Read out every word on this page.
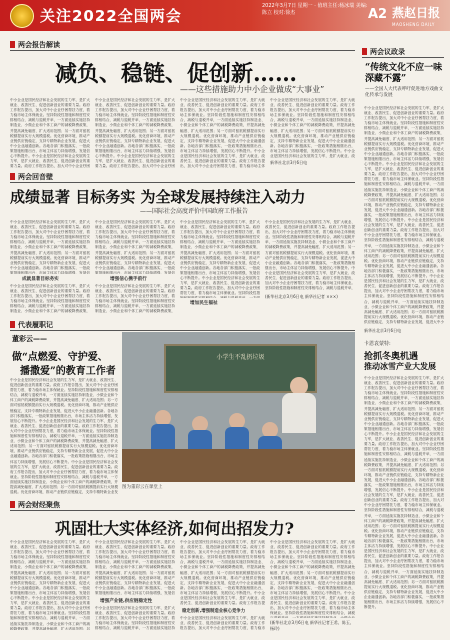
关注2022全国两会
2022年3月7日 星期一 · 值班主任:杨冰瑞 美编:陈立 校对:徐杰	A2 燕赵日报
MAOSHENG DAILY
两会报告解读
减负、稳链、促创新……
——这些措施助力中小企业做成“大事业”
中小企业是国民经济和社会发展的生力军，是扩大就业、改善民生、促进创新创业的重要力量。政府工作报告提出，加大对中小企业纾困帮扶力度，着力稳市场主体保就业。坚持阶段性措施和制度性安排相结合，减税与退税并举，一方面延续实施扶持制造业、小微企业和个体工商户的减税降费政策，并提高减免幅度、扩大适用范围；另一方面对留抵税额提前实行大规模退税。优化营商环境，推动产业链供应链稳定，支持专精特新企业发展，促进大中小企业融通创新。各地各部门积极落实，一批政策措施相继出台，市场主体活力持续增强，发展信心不断提升。中小企业是国民经济和社会发展的生力军，是扩大就业、改善民生、促进创新创业的重要力量。政府工作报告提出，加大对中小企业纾困
中小企业是国民经济和社会发展的生力军，是扩大就业、改善民生、促进创新创业的重要力量。政府工作报告提出，加大对中小企业纾困帮扶力度，着力稳市场主体保就业。坚持阶段性措施和制度性安排相结合，减税与退税并举，一方面延续实施扶持制造业、小微企业和个体工商户的减税降费政策，并提高减免幅度、扩大适用范围；另一方面对留抵税额提前实行大规模退税。优化营商环境，推动产业链供应链稳定，支持专精特新企业发展，促进大中小企业融通创新。各地各部门积极落实，一批政策措施相继出台，市场主体活力持续增强，发展信心不断提升。中小企业是国民经济和社会发展的生力军，是扩大就业、改善民生、促进创新创业的重要力量。政府工作报告提出，加大对中小企业纾困
中小企业是国民经济和社会发展的生力军，是扩大就业、改善民生、促进创新创业的重要力量。政府工作报告提出，加大对中小企业纾困帮扶力度，着力稳市场主体保就业。坚持阶段性措施和制度性安排相结合，减税与退税并举，一方面延续实施扶持制造业、小微企业和个体工商户的减税降费政策，并提高减免幅度、扩大适用范围；另一方面对留抵税额提前实行大规模退税。优化营商环境，推动产业链供应链稳定，支持专精特新企业发展，促进大中小企业融通创新。各地各部门积极落实，一批政策措施相继出台，市场主体活力持续增强，发展信心不断提升。中小企业是国民经济和社会发展的生力军，是扩大就业、改善民生、促进创新创业的重要力量。政府工作报告提出，加大对中小企业纾困帮扶力度，着力稳市场主体
中小企业是国民经济和社会发展的生力军，是扩大就业、改善民生、促进创新创业的重要力量。政府工作报告提出，加大对中小企业纾困帮扶力度，着力稳市场主体保就业。坚持阶段性措施和制度性安排相结合，减税与退税并举，一方面延续实施扶持制造业、小微企业和个体工商户的减税降费政策，并提高减免幅度、扩大适用范围；另一方面对留抵税额提前实行大规模退税。优化营商环境，推动产业链供应链稳定，支持专精特新企业发展，促进大中小企业融通创新。各地各部门积极落实，一批政策措施相继出台，市场主体活力持续增强，发展信心不断提升。中小企业是国民经济和社会发展的生力军，是扩大就业、改
新华社北京3月6日电
两会议政录
“传统文化不应一味深藏不露”
——全国人大代表呼吁促进地方戏曲文化传承与发展
中小企业是国民经济和社会发展的生力军，是扩大就业、改善民生、促进创新创业的重要力量。政府工作报告提出，加大对中小企业纾困帮扶力度，着力稳市场主体保就业。坚持阶段性措施和制度性安排相结合，减税与退税并举，一方面延续实施扶持制造业、小微企业和个体工商户的减税降费政策，并提高减免幅度、扩大适用范围；另一方面对留抵税额提前实行大规模退税。优化营商环境，推动产业链供应链稳定，支持专精特新企业发展，促进大中小企业融通创新。各地各部门积极落实，一批政策措施相继出台，市场主体活力持续增强，发展信心不断提升。中小企业是国民经济和社会发展的生力军，是扩大就业、改善民生、促进创新创业的重要力量。政府工作报告提出，加大对中小企业纾困帮扶力度，着力稳市场主体保就业。坚持阶段性措施和制度性安排相结合，减税与退税并举，一方面延续实施扶持制造业、小微企业和个体工商户的减税降费政策，并提高减免幅度、扩大适用范围；另一方面对留抵税额提前实行大规模退税。优化营商环境，推动产业链供应链稳定，支持专精特新企业发展，促进大中小企业融通创新。各地各部门积极落实，一批政策措施相继出台，市场主体活力持续增强，发展信心不断提升。中小企业是国民经济和社会发展的生力军，是扩大就业、改善民生、促进创新创业的重要力量。政府工作报告提出，加大对中小企业纾困帮扶力度，着力稳市场主体保就业。坚持阶段性措施和制度性安排相结合，减税与退税并举，一方面延续实施扶持制造业、小微企业和个体工商户的减税降费政策，并提高减免幅度、扩大适用范围；另一方面对留抵税额提前实行大规模退税。优化营商环境，推动产业链供应链稳定，支持专精特新企业发展，促进大中小企业融通创新。各地各部门积极落实，一批政策措施相继出台，市场主体活力持续增强，发展信心不断提升。中小企业是国民经济和社会发展的生力军，是扩大就业、改善民生、促进创新创业的重要力量。政府工作报告提出，加大对中小企业纾困帮扶力度，着力稳市场主体保就业。坚持阶段性措施和制度性安排相结合，减税与退税并举，一方面延续实施扶持制造业、小微企业和个体工商户的减税降费政策，并提高减免幅度、扩大适用范围；另一方面对留抵税额提前实行大规模退税。优化营商环境，推动产业链供应链稳定，支持专精特新企业发展，促进大中小
新华社北京3月6日电
两会回音壁
成绩显著 目标务实 为全球发展持续注入动力
——国际社会高度评价中国政府工作报告
中小企业是国民经济和社会发展的生力军，是扩大就业、改善民生、促进创新创业的重要力量。政府工作报告提出，加大对中小企业纾困帮扶力度，着力稳市场主体保就业。坚持阶段性措施和制度性安排相结合，减税与退税并举，一方面延续实施扶持制造业、小微企业和个体工商户的减税降费政策，并提高减免幅度、扩大适用范围；另一方面对留抵税额提前实行大规模退税。优化营商环境，推动产业链供应链稳定，支持专精特新企业发展，促进大中小企业融通创新。各地各部门积极落实，一批政策措施相继出台，市场主体活力持续增强，发展信
成就显著目标务实
中小企业是国民经济和社会发展的生力军，是扩大就业、改善民生、促进创新创业的重要力量。政府工作报告提出，加大对中小企业纾困帮扶力度，着力稳市场主体保就业。坚持阶段性措施和制度性安排相结合，减税与退税并举，一方面延续实施扶持制造业、小微企业和个体工商户的减税降费政策，
中小企业是国民经济和社会发展的生力军，是扩大就业、改善民生、促进创新创业的重要力量。政府工作报告提出，加大对中小企业纾困帮扶力度，着力稳市场主体保就业。坚持阶段性措施和制度性安排相结合，减税与退税并举，一方面延续实施扶持制造业、小微企业和个体工商户的减税降费政策，并提高减免幅度、扩大适用范围；另一方面对留抵税额提前实行大规模退税。优化营商环境，推动产业链供应链稳定，支持专精特新企业发展，促进大中小企业融通创新。各地各部门积极落实，一批政策措施相继出台，市场主体活力持续增强，发展信
增强信心携手前行
中小企业是国民经济和社会发展的生力军，是扩大就业、改善民生、促进创新创业的重要力量。政府工作报告提出，加大对中小企业纾困帮扶力度，着力稳市场主体保就业。坚持阶段性措施和制度性安排相结合，减税与退税并举，一方面延续实施扶持制造业、小微企业和个体工商户的减税降费政策，
中小企业是国民经济和社会发展的生力军，是扩大就业、改善民生、促进创新创业的重要力量。政府工作报告提出，加大对中小企业纾困帮扶力度，着力稳市场主体保就业。坚持阶段性措施和制度性安排相结合，减税与退税并举，一方面延续实施扶持制造业、小微企业和个体工商户的减税降费政策，并提高减免幅度、扩大适用范围；另一方面对留抵税额提前实行大规模退税。优化营商环境，推动产业链供应链稳定，支持专精特新企业发展，促进大中小企业融通创新。各地各部门积极落实，一批政策措施相继出台，市场主体活力持续增强，发展信心不断提升。中小企业是国民经济和社会发展的生力军，是扩大就业、改善民生、促进创新创业的重要力量。政府工作报告提出，加大对中小企业纾困帮扶力度，着力稳市场主体保就业。坚持阶段性措
增加民生福祉
中小企业是国民经济和社会发展的生力军，是扩大就业、改善民生、促进创新创业的重要力量。政府工作报告提出，加大对中小企业纾困帮扶力度，着力稳市场主体保就业。坚持阶段性措施和制度性安排相结合，减税与退税并举，一方面延续实施扶持制造业、小微企业和个体工商户的减税降费政策，并提高减免幅度、扩大适用范围；另一方面对留抵税额提前实行大规模退税。优化营商环境，推动产业链供应链稳定，支持专精特新企业发展，促进大中小企业融通创新。各地各部门积极落实，一批政策措施相继出台，市场主体活力持续增强，发展信心不断提升。中小企业是国民经济和社会发展的生力军，是扩大就业、改善民生、促进创新创业的重要力量。政府工作报告提出，加大对中小企业纾困帮扶力度，着力稳市场主体保就业。坚持阶段性措施和制度性安排相结合，减税与退税并举，
(新华社北京3月6日电 新华社记者 ×××)
代表履职记
董彩云——
做“点燃爱、守护爱、
播撒爱”的教育工作者
中小企业是国民经济和社会发展的生力军，是扩大就业、改善民生、促进创新创业的重要力量。政府工作报告提出，加大对中小企业纾困帮扶力度，着力稳市场主体保就业。坚持阶段性措施和制度性安排相结合，减税与退税并举，一方面延续实施扶持制造业、小微企业和个体工商户的减税降费政策，并提高减免幅度、扩大适用范围；另一方面对留抵税额提前实行大规模退税。优化营商环境，推动产业链供应链稳定，支持专精特新企业发展，促进大中小企业融通创新。各地各部门积极落实，一批政策措施相继出台，市场主体活力持续增强，发展信心不断提升。中小企业是国民经济和社会发展的生力军，是扩大就业、改善民生、促进创新创业的重要力量。政府工作报告提出，加大对中小企业纾困帮扶力度，着力稳市场主体保就业。坚持阶段性措施和制度性安排相结合，减税与退税并举，一方面延续实施扶持制造业、小微企业和个体工商户的减税降费政策，并提高减免幅度、扩大适用范围；另一方面对留抵税额提前实行大规模退税。优化营商环境，推动产业链供应链稳定，支持专精特新企业发展，促进大中小企业融通创新。各地各部门积极落实，一批政策措施相继出台，市场主体活力持续增强，发展信心不断提升。中小企业是国民经济和社会发展的生力军，是扩大就业、改善民生、促进创新创业的重要力量。政府工作报告提出，加大对中小企业纾困帮扶力度，着力稳市场主体保就业。坚持阶段性措施和制度性安排相结合，减税与退税并举，一方面延续实施扶持制造业、小微企业和个体工商户的减税降费政策，并提高减免幅度、扩大适用范围；另一方面对留抵税额提前实行大规模退税。优化营商环境，推动产业链供应链稳定，支持专精特新企业发
小学生不乱扔垃圾
图为董彩云在课堂上
卡恩袁蒙特:
抢抓冬奥机遇
推动冰雪产业大发展
中小企业是国民经济和社会发展的生力军，是扩大就业、改善民生、促进创新创业的重要力量。政府工作报告提出，加大对中小企业纾困帮扶力度，着力稳市场主体保就业。坚持阶段性措施和制度性安排相结合，减税与退税并举，一方面延续实施扶持制造业、小微企业和个体工商户的减税降费政策，并提高减免幅度、扩大适用范围；另一方面对留抵税额提前实行大规模退税。优化营商环境，推动产业链供应链稳定，支持专精特新企业发展，促进大中小企业融通创新。各地各部门积极落实，一批政策措施相继出台，市场主体活力持续增强，发展信心不断提升。中小企业是国民经济和社会发展的生力军，是扩大就业、改善民生、促进创新创业的重要力量。政府工作报告提出，加大对中小企业纾困帮扶力度，着力稳市场主体保就业。坚持阶段性措施和制度性安排相结合，减税与退税并举，一方面延续实施扶持制造业、小微企业和个体工商户的减税降费政策，并提高减免幅度、扩大适用范围；另一方面对留抵税额提前实行大规模退税。优化营商环境，推动产业链供应链稳定，支持专精特新企业发展，促进大中小企业融通创新。各地各部门积极落实，一批政策措施相继出台，市场主体活力持续增强，发展信心不断提升。中小企业是国民经济和社会发展的生力军，是扩大就业、改善民生、促进创新创业的重要力量。政府工作报告提出，加大对中小企业纾困帮扶力度，着力稳市场主体保就业。坚持阶段性措施和制度性安排相结合，减税与退税并举，一方面延续实施扶持制造业、小微企业和个体工商户的减税降费政策，并提高减免幅度、扩大适用范围；另一方面对留抵税额提前实行大规模退税。优化营商环境，推动产业链供应链稳定，支持专精特新企业发展，促进大中小企业融通创新。各地各部门积极落实，一批政策措施相继出台，市场主体活力持续增强，发展信心不断提升。中小企业是国民经济和社会发展的生力军，是扩大就业、改善民生、促进创新创业的重要力量。政府工作报告提出，加大对中小企业纾困帮扶力度，着力稳市场主体保就业。坚持阶段性措施和制度性安排相结合，减税与退税并举，一方面延续实施扶持制造业、小微企业和个体工商户的减税降费政策，并提高减免幅度、扩大适用范围；另一方面对留抵税额提前实行大规模退税。优化营商环境，推动产业链供应链稳定，支持专精特新企业发展，促进大中小企业融通创新。各地各部门积极落实，一批政策措施相继出台，市场主体活力持续增强，发展信心不断提升。
两会财经聚焦
巩固壮大实体经济,如何出招发力?
中小企业是国民经济和社会发展的生力军，是扩大就业、改善民生、促进创新创业的重要力量。政府工作报告提出，加大对中小企业纾困帮扶力度，着力稳市场主体保就业。坚持阶段性措施和制度性安排相结合，减税与退税并举，一方面延续实施扶持制造业、小微企业和个体工商户的减税降费政策，并提高减免幅度、扩大适用范围；另一方面对留抵税额提前实行大规模退税。优化营商环境，推动产业链供应链稳定，支持专精特新企业发展，促进大中小企业融通创新。各地各部门积极落实，一批政策措施相继出台，市场主体活力持续增强，发展信心不断提升。中小企业是国民经济和社会发展的生力军，是扩大就业、改善民生、促进创新创业的重要力量。政府工作报告提出，加大对中小企业纾困帮扶力度，着力稳市场主体保就业。坚持阶段性措施和制度性安排相结合，减税与退税并举，一方面延续实施扶持制造业、小微企业和个体工商户的减税降费政策，并提高减免幅度、扩大适用范围；另
中小企业是国民经济和社会发展的生力军，是扩大就业、改善民生、促进创新创业的重要力量。政府工作报告提出，加大对中小企业纾困帮扶力度，着力稳市场主体保就业。坚持阶段性措施和制度性安排相结合，减税与退税并举，一方面延续实施扶持制造业、小微企业和个体工商户的减税降费政策，并提高减免幅度、扩大适用范围；另一方面对留抵税额提前实行大规模退税。优化营商环境，推动产业链供应链稳定，支持专精特新企业发展，促进大中小企业融通创新。各地各部门积极落实，一批政策措施相继出台，市场主体活力持续增强，发展信
增强产业链,供应链稳定性
中小企业是国民经济和社会发展的生力军，是扩大就业、改善民生、促进创新创业的重要力量。政府工作报告提出，加大对中小企业纾困帮扶力度，着力稳市场主体保就业。坚持阶段性措施和制度性安排相结合，减税与退税并举，一方面延续实施扶持
中小企业是国民经济和社会发展的生力军，是扩大就业、改善民生、促进创新创业的重要力量。政府工作报告提出，加大对中小企业纾困帮扶力度，着力稳市场主体保就业。坚持阶段性措施和制度性安排相结合，减税与退税并举，一方面延续实施扶持制造业、小微企业和个体工商户的减税降费政策，并提高减免幅度、扩大适用范围；另一方面对留抵税额提前实行大规模退税。优化营商环境，推动产业链供应链稳定，支持专精特新企业发展，促进大中小企业融通创新。各地各部门积极落实，一批政策措施相继出台，市场主体活力持续增强，发展信心不断提升。中小企业是国民经济和社会发展的生力军，是扩大就业、改善民生、促进创新创业的重要力量。政府工作报告提
稳定创新,增强制造业核心竞争力
中小企业是国民经济和社会发展的生力军，是扩大就业、改善民生、促进创新创业的重要力量。政府工作报告提出，加大对中小企业纾困帮扶力度，着力稳市
中小企业是国民经济和社会发展的生力军，是扩大就业、改善民生、促进创新创业的重要力量。政府工作报告提出，加大对中小企业纾困帮扶力度，着力稳市场主体保就业。坚持阶段性措施和制度性安排相结合，减税与退税并举，一方面延续实施扶持制造业、小微企业和个体工商户的减税降费政策，并提高减免幅度、扩大适用范围；另一方面对留抵税额提前实行大规模退税。优化营商环境，推动产业链供应链稳定，支持专精特新企业发展，促进大中小企业融通创新。各地各部门积极落实，一批政策措施相继出台，市场主体活力持续增强，发展信心不断提升。中小企业是国民经济和社会发展的生力军，是扩大就业、改善民生、促进创新创业的重要力量。政府工作报告提出，加大对中小企业纾困帮扶力度，着力稳市场主体保就业。坚持阶段性措施和制度性安排相结合，减税
(新华社北京3月6日电 新华社记者王希、陈玉、杨玲)
